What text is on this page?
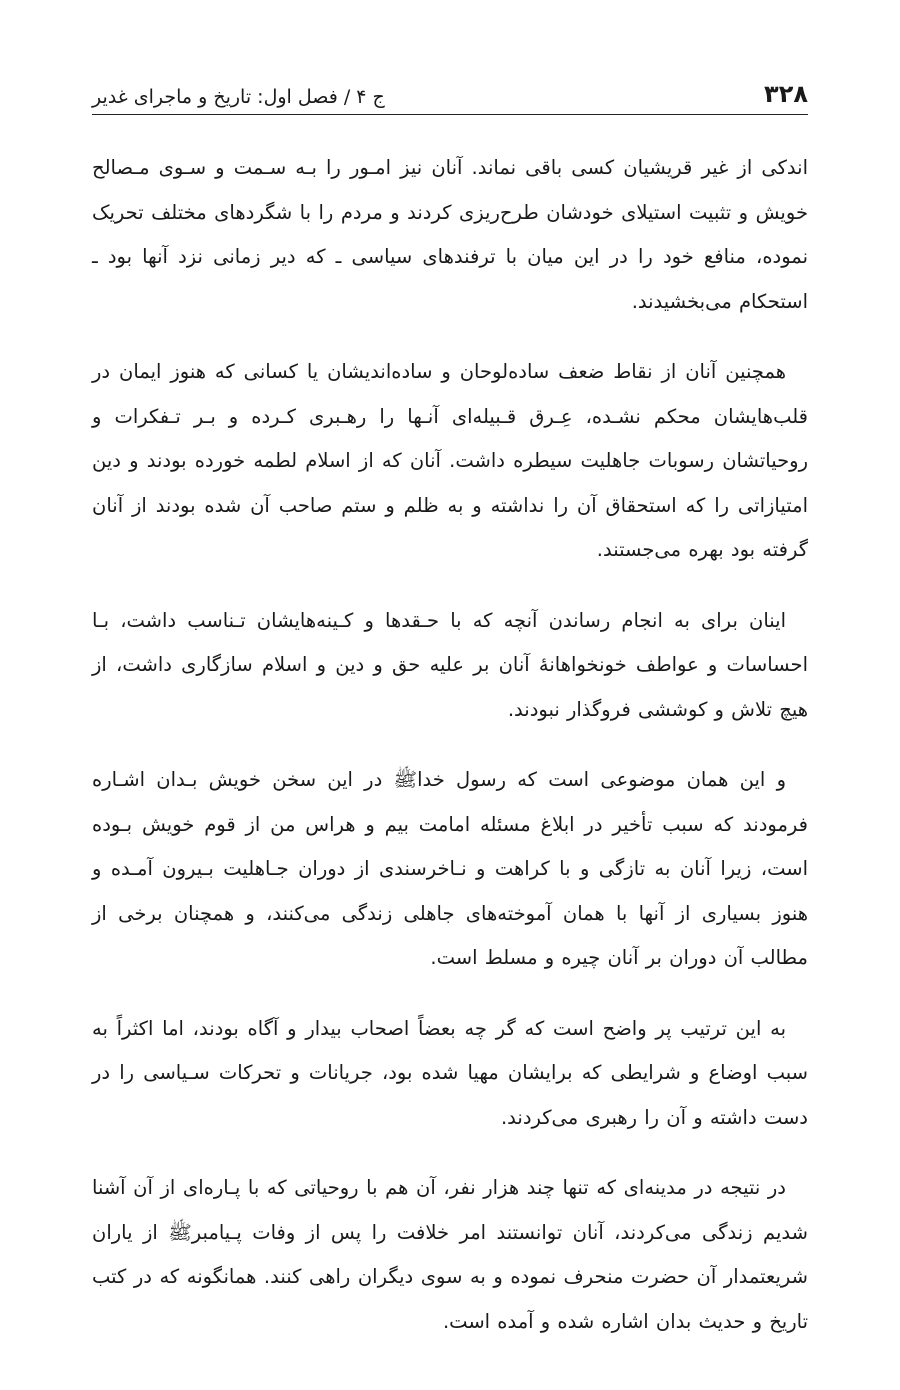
۳۲۸
ج ۴ / فصل اول: تاریخ و ماجرای غدیر

اندکی از غیر قریشیان کسی باقی نماند. آنان نیز امـور را بـه سـمت و سـوی مـصالح خویش و تثبیت استیلای خودشان طرح‌ریزی کردند و مردم را با شگردهای مختلف تحریک نموده، منافع خود را در این میان با ترفندهای سیاسی ـ که دیر زمانی نزد آنها بود ـ استحکام می‌بخشیدند.

همچنین آنان از نقاط ضعف ساده‌لوحان و ساده‌اندیشان یا کسانی که هنوز ایمان در قلب‌هایشان محکم نشـده، عِـرق قـبیله‌ای آنـها را رهـبری کـرده و بـر تـفکرات و روحیاتشان رسوبات جاهلیت سیطره داشت. آنان که از اسلام لطمه خورده بودند و دین امتیازاتی را که استحقاق آن را نداشته و به ظلم و ستم صاحب آن شده بودند از آنان گرفته بود بهره می‌جستند.

اینان برای به انجام رساندن آنچه که با حـقدها و کـینه‌هایشان تـناسب داشت، بـا احساسات و عواطف خونخواهانهٔ آنان بر علیه حق و دین و اسلام سازگاری داشت، از هیچ تلاش و کوششی فروگذار نبودند.

و این همان موضوعی است که رسول خداﷺ در این سخن خویش بـدان اشـاره فرمودند که سبب تأخیر در ابلاغ مسئله امامت بیم و هراس من از قوم خویش بـوده است، زیرا آنان به تازگی و با کراهت و نـاخرسندی از دوران جـاهلیت بـیرون آمـده و هنوز بسیاری از آنها با همان آموخته‌های جاهلی زندگی می‌کنند، و همچنان برخی از مطالب آن دوران بر آنان چیره و مسلط است.

به این ترتیب پر واضح است که گر چه بعضاً اصحاب بیدار و آگاه بودند، اما اکثراً به سبب اوضاع و شرایطی که برایشان مهیا شده بود، جریانات و تحرکات سـیاسی را در دست داشته و آن را رهبری می‌کردند.

در نتیجه در مدینه‌ای که تنها چند هزار نفر، آن هم با روحیاتی که با پـاره‌ای از آن آشنا شدیم زندگی می‌کردند، آنان توانستند امر خلافت را پس از وفات پـیامبرﷺ از یاران شریعتمدار آن حضرت منحرف نموده و به سوی دیگران راهی کنند. همانگونه که در کتب تاریخ و حدیث بدان اشاره شده و آمده است.
